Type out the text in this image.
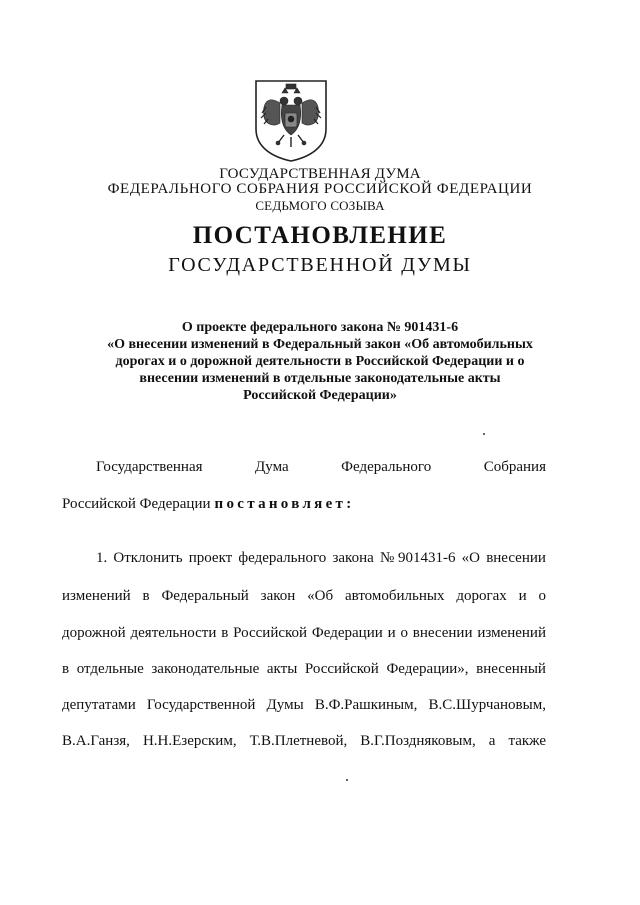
ГОСУДАРСТВЕННАЯ ДУМА
ФЕДЕРАЛЬНОГО СОБРАНИЯ РОССИЙСКОЙ ФЕДЕРАЦИИ
СЕДЬМОГО СОЗЫВА
ПОСТАНОВЛЕНИЕ
ГОСУДАРСТВЕННОЙ ДУМЫ
О проекте федерального закона № 901431-6
«О внесении изменений в Федеральный закон «Об автомобильных
дорогах и о дорожной деятельности в Российской Федерации и о
внесении изменений в отдельные законодательные акты
Российской Федерации»
Государственная	Дума	Федерального	Собрания
Российской Федерации постановляет:
1. Отклонить проект федерального закона № 901431-6 «О внесении
изменений в Федеральный закон «Об автомобильных дорогах и о
дорожной деятельности в Российской Федерации и о внесении изменений
в отдельные законодательные акты Российской Федерации», внесенный
депутатами Государственной Думы В.Ф.Рашкиным, В.С.Шурчановым,
В.А.Ганзя, Н.Н.Езерским, Т.В.Плетневой, В.Г.Поздняковым, а также
